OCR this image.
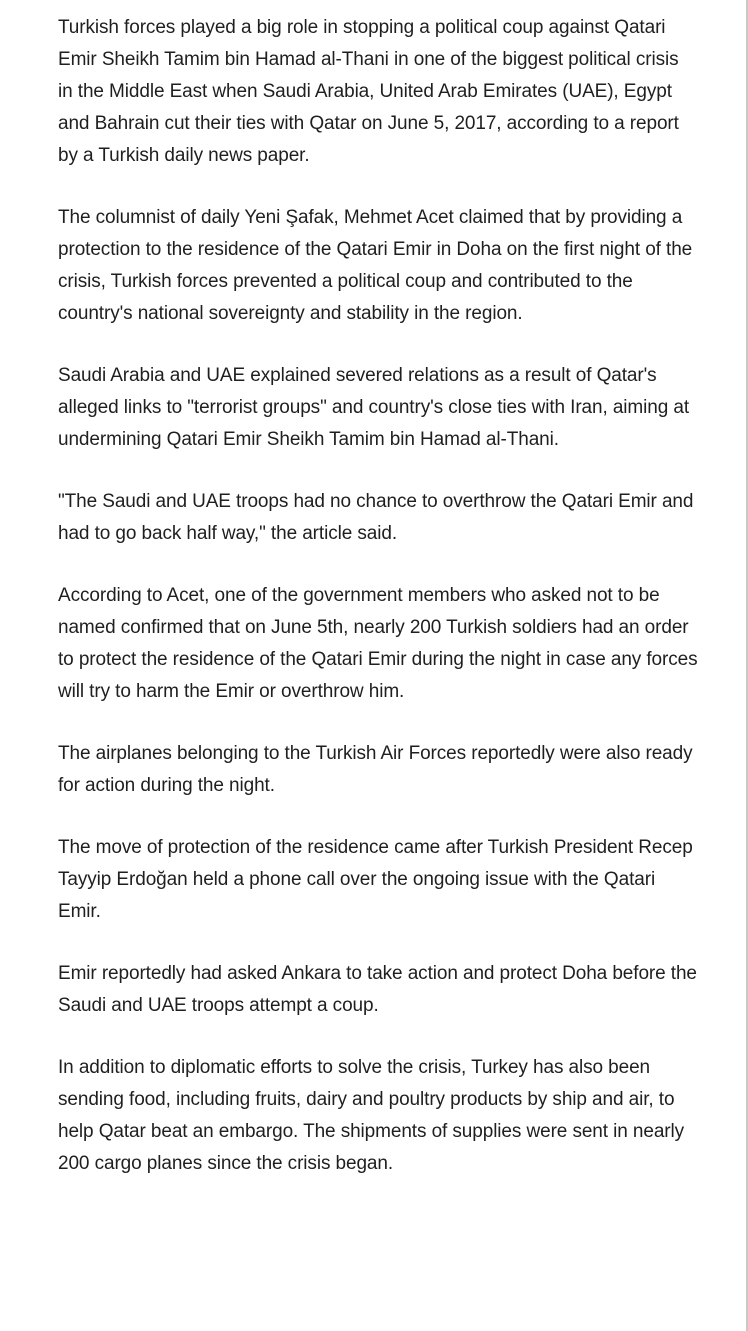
Turkish forces played a big role in stopping a political coup against Qatari Emir Sheikh Tamim bin Hamad al-Thani in one of the biggest political crisis in the Middle East when Saudi Arabia, United Arab Emirates (UAE), Egypt and Bahrain cut their ties with Qatar on June 5, 2017, according to a report by a Turkish daily news paper.

The columnist of daily Yeni Şafak, Mehmet Acet claimed that by providing a protection to the residence of the Qatari Emir in Doha on the first night of the crisis, Turkish forces prevented a political coup and contributed to the country's national sovereignty and stability in the region.

Saudi Arabia and UAE explained severed relations as a result of Qatar's alleged links to "terrorist groups" and country's close ties with Iran, aiming at undermining Qatari Emir Sheikh Tamim bin Hamad al-Thani.

"The Saudi and UAE troops had no chance to overthrow the Qatari Emir and had to go back half way," the article said.

According to Acet, one of the government members who asked not to be named confirmed that on June 5th, nearly 200 Turkish soldiers had an order to protect the residence of the Qatari Emir during the night in case any forces will try to harm the Emir or overthrow him.

The airplanes belonging to the Turkish Air Forces reportedly were also ready for action during the night.

The move of protection of the residence came after Turkish President Recep Tayyip Erdoğan held a phone call over the ongoing issue with the Qatari Emir.

Emir reportedly had asked Ankara to take action and protect Doha before the Saudi and UAE troops attempt a coup.

In addition to diplomatic efforts to solve the crisis, Turkey has also been sending food, including fruits, dairy and poultry products by ship and air, to help Qatar beat an embargo. The shipments of supplies were sent in nearly 200 cargo planes since the crisis began.
